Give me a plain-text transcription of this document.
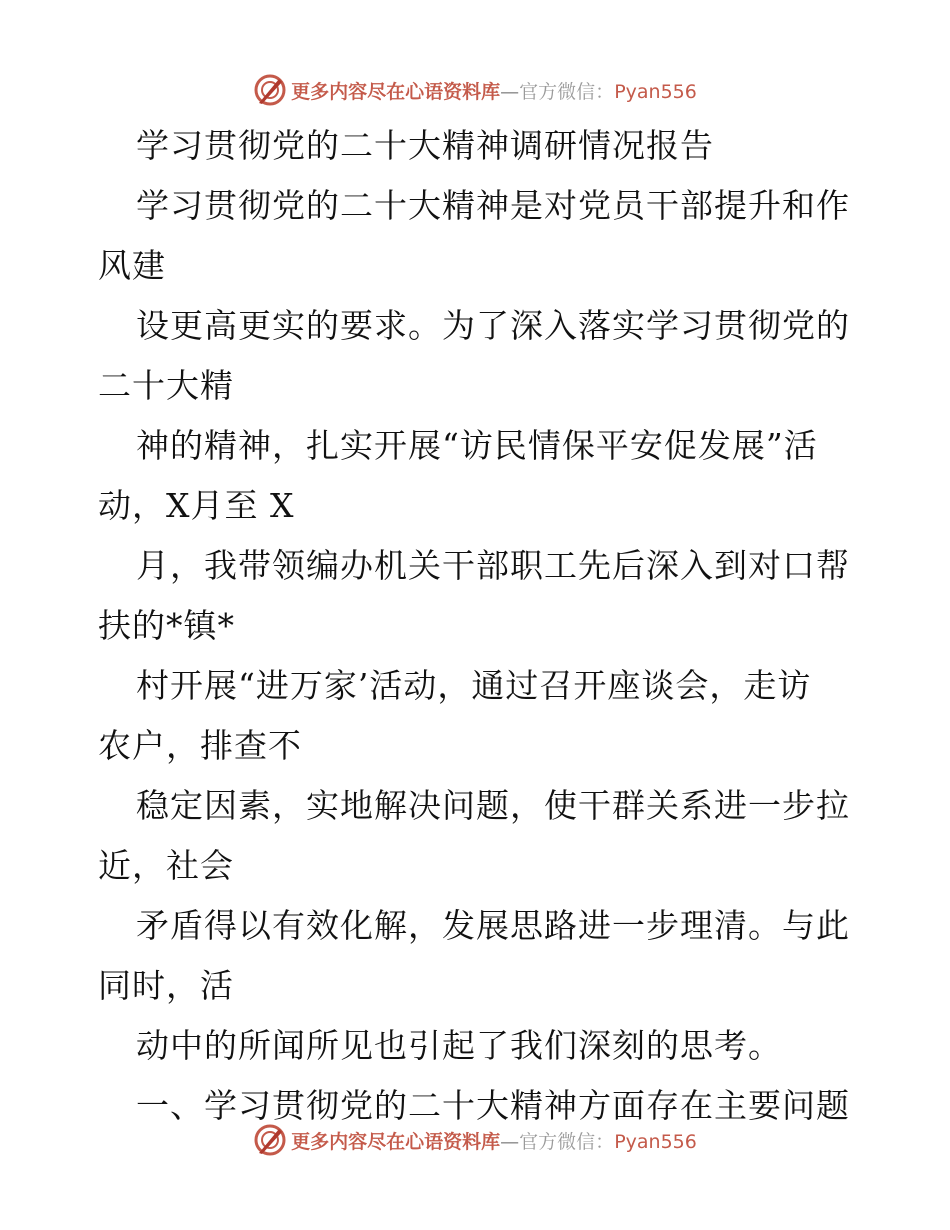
更多内容尽在心语资料库—官方微信：Pyan556
学习贯彻党的二十大精神调研情况报告
学习贯彻党的二十大精神是对党员干部提升和作
风建
设更高更实的要求。为了深入落实学习贯彻党的
二十大精
神的精神，扎实开展“访民情保平安促发展”活
动，X月至 X
月，我带领编办机关干部职工先后深入到对口帮
扶的*镇*
村开展“进万家’活动，通过召开座谈会，走访
农户，排查不
稳定因素，实地解决问题，使干群关系进一步拉
近，社会
矛盾得以有效化解，发展思路进一步理清。与此
同时，活
动中的所闻所见也引起了我们深刻的思考。
一、学习贯彻党的二十大精神方面存在主要问题
更多内容尽在心语资料库—官方微信：Pyan556
